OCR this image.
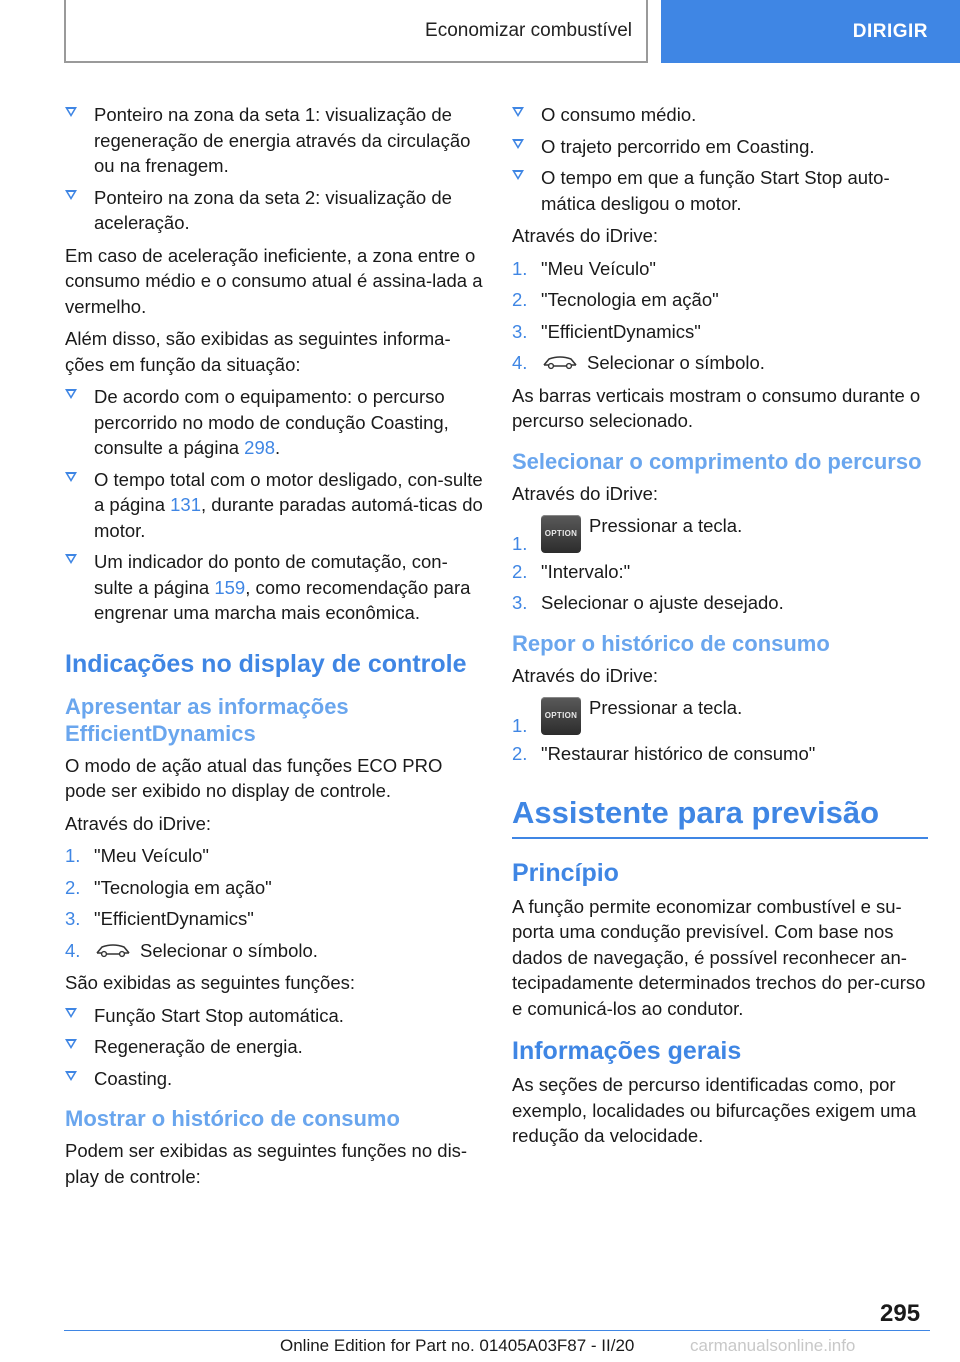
Economizar combustível	DIRIGIR
Ponteiro na zona da seta 1: visualização de regeneração de energia através da circulação ou na frenagem.
Ponteiro na zona da seta 2: visualização de aceleração.

Em caso de aceleração ineficiente, a zona entre o consumo médio e o consumo atual é assina-lada a vermelho.

Além disso, são exibidas as seguintes informa-ções em função da situação:

De acordo com o equipamento: o percurso percorrido no modo de condução Coasting, consulte a página 298.
O tempo total com o motor desligado, con-sulte a página 131, durante paradas automá-ticas do motor.
Um indicador do ponto de comutação, con-sulte a página 159, como recomendação para engrenar uma marcha mais econômica.
Indicações no display de controle
Apresentar as informações EfficientDynamics

O modo de ação atual das funções ECO PRO pode ser exibido no display de controle.

Através do iDrive:

1. "Meu Veículo"
2. "Tecnologia em ação"
3. "EfficientDynamics"
4.	Selecionar o símbolo.

São exibidas as seguintes funções:

Função Start Stop automática.
Regeneração de energia.
Coasting.
Mostrar o histórico de consumo

Podem ser exibidas as seguintes funções no dis-play de controle:

O consumo médio.
O trajeto percorrido em Coasting.
O tempo em que a função Start Stop auto-mática desligou o motor.

Através do iDrive:

1. "Meu Veículo"
2. "Tecnologia em ação"
3. "EfficientDynamics"
4.	Selecionar o símbolo.

As barras verticais mostram o consumo durante o percurso selecionado.

Selecionar o comprimento do percurso

Através do iDrive:

1. OPTION Pressionar a tecla.
2. "Intervalo:"
3. Selecionar o ajuste desejado.
Repor o histórico de consumo

Através do iDrive:

1. OPTION Pressionar a tecla.
2. "Restaurar histórico de consumo"
Assistente para previsão
Princípio

A função permite economizar combustível e su-porta uma condução previsível. Com base nos dados de navegação, é possível reconhecer an-tecipadamente determinados trechos do per-curso e comunicá-los ao condutor.

Informações gerais

As seções de percurso identificadas como, por exemplo, localidades ou bifurcações exigem uma redução da velocidade.

295
Online Edition for Part no. 01405A03F87 - II/20	carmanualsonline.info
